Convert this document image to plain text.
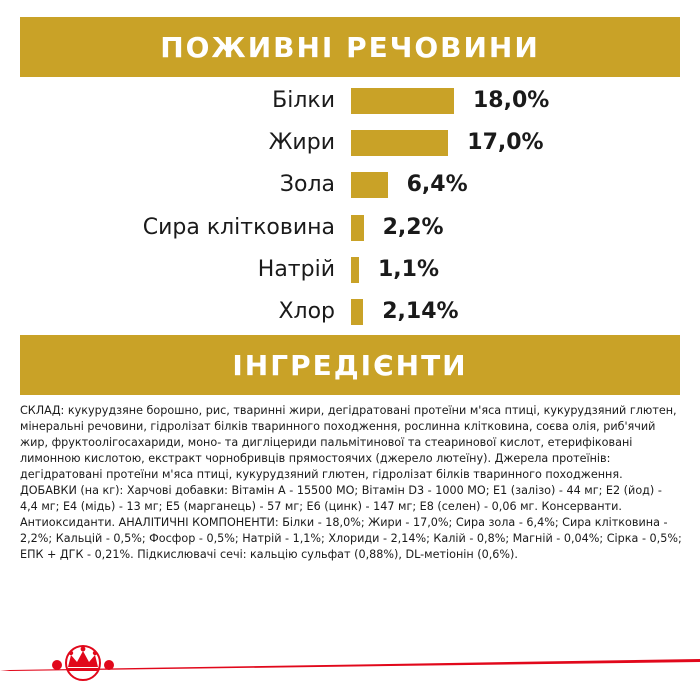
ПОЖИВНІ РЕЧОВИНИ
Білки	18,0%
Жири	17,0%
Зола	6,4%
Сира клітковина 2,2%
Натрій 1,1%
Хлор 2,14%
ІНГРЕДІЄНТИ
СКЛАД: кукурудзяне борошно, рис, тваринні жири, дегідратовані протеїни м'яса птиці, кукурудзяний глютен, мінеральні речовини, гідролізат білків тваринного походження, рослинна клітковина, соєва олія, риб'ячий жир, фруктоолігосахариди, моно- та дигліцериди пальмітинової та стеаринової кислот, етерифіковані лимонною кислотою, екстракт чорнобривців прямостоячих (джерело лютеїну). Джерела протеїнів: дегідратовані протеїни м'яса птиці, кукурудзяний глютен, гідролізат білків тваринного походження. ДОБАВКИ (на кг): Харчові добавки: Вітамін А - 15500 МО; Вітамін D3 - 1000 МО; E1 (залізо) - 44 мг; E2 (йод) - 4,4 мг; E4 (мідь) - 13 мг; E5 (марганець) - 57 мг; E6 (цинк) - 147 мг; E8 (селен) - 0,06 мг. Консерванти. Антиоксиданти. АНАЛІТИЧНІ КОМПОНЕНТИ: Білки - 18,0%; Жири - 17,0%; Сира зола - 6,4%; Сира клітковина - 2,2%; Кальцій - 0,5%; Фосфор - 0,5%; Натрій - 1,1%; Хлориди - 2,14%; Калій - 0,8%; Магній - 0,04%; Сірка - 0,5%; ЕПК + ДГК - 0,21%. Підкислювачі сечі: кальцію сульфат (0,88%), DL-метіонін (0,6%).
